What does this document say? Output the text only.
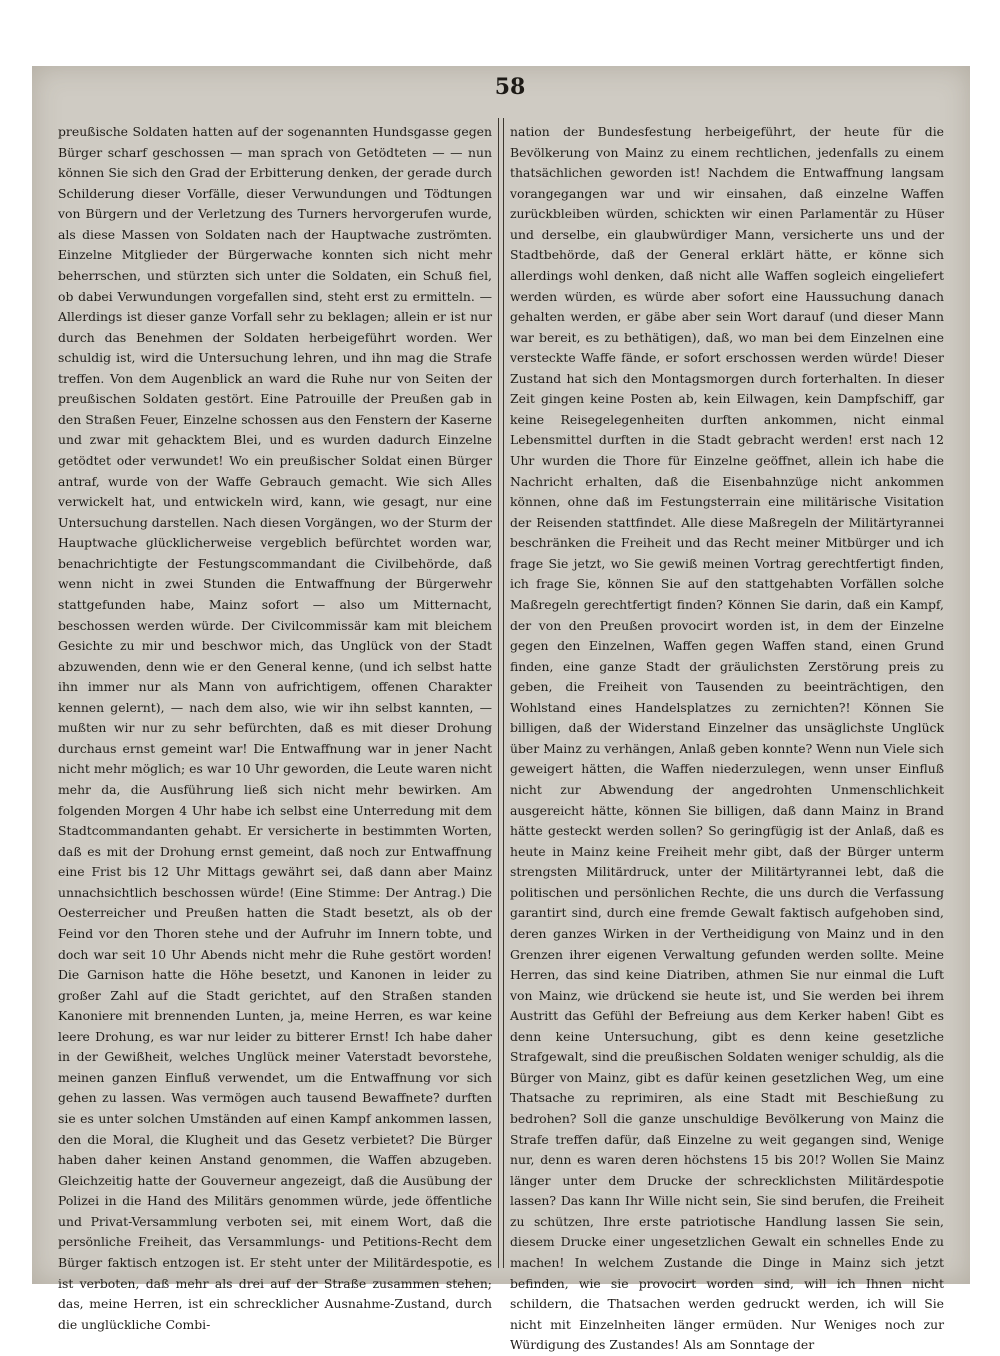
58

preußische Soldaten hatten auf der sogenannten Hundsgasse gegen Bürger scharf geschossen — man sprach von Getödteten — — nun können Sie sich den Grad der Erbitterung denken, der gerade durch Schilderung dieser Vorfälle, dieser Verwundungen und Tödtungen von Bürgern und der Verletzung des Turners hervorgerufen wurde, als diese Massen von Soldaten nach der Hauptwache zuströmten. Einzelne Mitglieder der Bürgerwache konnten sich nicht mehr beherrschen, und stürzten sich unter die Soldaten, ein Schuß fiel, ob dabei Verwundungen vorgefallen sind, steht erst zu ermitteln. — Allerdings ist dieser ganze Vorfall sehr zu beklagen; allein er ist nur durch das Benehmen der Soldaten herbeigeführt worden. Wer schuldig ist, wird die Untersuchung lehren, und ihn mag die Strafe treffen. Von dem Augenblick an ward die Ruhe nur von Seiten der preußischen Soldaten gestört. Eine Patrouille der Preußen gab in den Straßen Feuer, Einzelne schossen aus den Fenstern der Kaserne und zwar mit gehacktem Blei, und es wurden dadurch Einzelne getödtet oder verwundet! Wo ein preußischer Soldat einen Bürger antraf, wurde von der Waffe Gebrauch gemacht. Wie sich Alles verwickelt hat, und entwickeln wird, kann, wie gesagt, nur eine Untersuchung darstellen. Nach diesen Vorgängen, wo der Sturm der Hauptwache glücklicherweise vergeblich befürchtet worden war, benachrichtigte der Festungscommandant die Civilbehörde, daß wenn nicht in zwei Stunden die Entwaffnung der Bürgerwehr stattgefunden habe, Mainz sofort — also um Mitternacht, beschossen werden würde. Der Civilcommissär kam mit bleichem Gesichte zu mir und beschwor mich, das Unglück von der Stadt abzuwenden, denn wie er den General kenne, (und ich selbst hatte ihn immer nur als Mann von aufrichtigem, offenen Charakter kennen gelernt), — nach dem also, wie wir ihn selbst kannten, — mußten wir nur zu sehr befürchten, daß es mit dieser Drohung durchaus ernst gemeint war! Die Entwaffnung war in jener Nacht nicht mehr möglich; es war 10 Uhr geworden, die Leute waren nicht mehr da, die Ausführung ließ sich nicht mehr bewirken. Am folgenden Morgen 4 Uhr habe ich selbst eine Unterredung mit dem Stadtcommandanten gehabt. Er versicherte in bestimmten Worten, daß es mit der Drohung ernst gemeint, daß noch zur Entwaffnung eine Frist bis 12 Uhr Mittags gewährt sei, daß dann aber Mainz unnachsichtlich beschossen würde! (Eine Stimme: Der Antrag.) Die Oesterreicher und Preußen hatten die Stadt besetzt, als ob der Feind vor den Thoren stehe und der Aufruhr im Innern tobte, und doch war seit 10 Uhr Abends nicht mehr die Ruhe gestört worden! Die Garnison hatte die Höhe besetzt, und Kanonen in leider zu großer Zahl auf die Stadt gerichtet, auf den Straßen standen Kanoniere mit brennenden Lunten, ja, meine Herren, es war keine leere Drohung, es war nur leider zu bitterer Ernst! Ich habe daher in der Gewißheit, welches Unglück meiner Vaterstadt bevorstehe, meinen ganzen Einfluß verwendet, um die Entwaffnung vor sich gehen zu lassen. Was vermögen auch tausend Bewaffnete? durften sie es unter solchen Umständen auf einen Kampf ankommen lassen, den die Moral, die Klugheit und das Gesetz verbietet? Die Bürger haben daher keinen Anstand genommen, die Waffen abzugeben. Gleichzeitig hatte der Gouverneur angezeigt, daß die Ausübung der Polizei in die Hand des Militärs genommen würde, jede öffentliche und Privat-Versammlung verboten sei, mit einem Wort, daß die persönliche Freiheit, das Versammlungs- und Petitions-Recht dem Bürger faktisch entzogen ist. Er steht unter der Militärdespotie, es ist verboten, daß mehr als drei auf der Straße zusammen stehen; das, meine Herren, ist ein schrecklicher Ausnahme-Zustand, durch die unglückliche Combi-

nation der Bundesfestung herbeigeführt, der heute für die Bevölkerung von Mainz zu einem rechtlichen, jedenfalls zu einem thatsächlichen geworden ist! Nachdem die Entwaffnung langsam vorangegangen war und wir einsahen, daß einzelne Waffen zurückbleiben würden, schickten wir einen Parlamentär zu Hüser und derselbe, ein glaubwürdiger Mann, versicherte uns und der Stadtbehörde, daß der General erklärt hätte, er könne sich allerdings wohl denken, daß nicht alle Waffen sogleich eingeliefert werden würden, es würde aber sofort eine Haussuchung danach gehalten werden, er gäbe aber sein Wort darauf (und dieser Mann war bereit, es zu bethätigen), daß, wo man bei dem Einzelnen eine versteckte Waffe fände, er sofort erschossen werden würde! Dieser Zustand hat sich den Montagsmorgen durch forterhalten. In dieser Zeit gingen keine Posten ab, kein Eilwagen, kein Dampfschiff, gar keine Reisegelegenheiten durften ankommen, nicht einmal Lebensmittel durften in die Stadt gebracht werden! erst nach 12 Uhr wurden die Thore für Einzelne geöffnet, allein ich habe die Nachricht erhalten, daß die Eisenbahnzüge nicht ankommen können, ohne daß im Festungsterrain eine militärische Visitation der Reisenden stattfindet. Alle diese Maßregeln der Militärtyrannei beschränken die Freiheit und das Recht meiner Mitbürger und ich frage Sie jetzt, wo Sie gewiß meinen Vortrag gerechtfertigt finden, ich frage Sie, können Sie auf den stattgehabten Vorfällen solche Maßregeln gerechtfertigt finden? Können Sie darin, daß ein Kampf, der von den Preußen provocirt worden ist, in dem der Einzelne gegen den Einzelnen, Waffen gegen Waffen stand, einen Grund finden, eine ganze Stadt der gräulichsten Zerstörung preis zu geben, die Freiheit von Tausenden zu beeinträchtigen, den Wohlstand eines Handelsplatzes zu zernichten?! Können Sie billigen, daß der Widerstand Einzelner das unsäglichste Unglück über Mainz zu verhängen, Anlaß geben konnte? Wenn nun Viele sich geweigert hätten, die Waffen niederzulegen, wenn unser Einfluß nicht zur Abwendung der angedrohten Unmenschlichkeit ausgereicht hätte, können Sie billigen, daß dann Mainz in Brand hätte gesteckt werden sollen? So geringfügig ist der Anlaß, daß es heute in Mainz keine Freiheit mehr gibt, daß der Bürger unterm strengsten Militärdruck, unter der Militärtyrannei lebt, daß die politischen und persönlichen Rechte, die uns durch die Verfassung garantirt sind, durch eine fremde Gewalt faktisch aufgehoben sind, deren ganzes Wirken in der Vertheidigung von Mainz und in den Grenzen ihrer eigenen Verwaltung gefunden werden sollte. Meine Herren, das sind keine Diatriben, athmen Sie nur einmal die Luft von Mainz, wie drückend sie heute ist, und Sie werden bei ihrem Austritt das Gefühl der Befreiung aus dem Kerker haben! Gibt es denn keine Untersuchung, gibt es denn keine gesetzliche Strafgewalt, sind die preußischen Soldaten weniger schuldig, als die Bürger von Mainz, gibt es dafür keinen gesetzlichen Weg, um eine Thatsache zu reprimiren, als eine Stadt mit Beschießung zu bedrohen? Soll die ganze unschuldige Bevölkerung von Mainz die Strafe treffen dafür, daß Einzelne zu weit gegangen sind, Wenige nur, denn es waren deren höchstens 15 bis 20!? Wollen Sie Mainz länger unter dem Drucke der schrecklichsten Militärdespotie lassen? Das kann Ihr Wille nicht sein, Sie sind berufen, die Freiheit zu schützen, Ihre erste patriotische Handlung lassen Sie sein, diesem Drucke einer ungesetzlichen Gewalt ein schnelles Ende zu machen! In welchem Zustande die Dinge in Mainz sich jetzt befinden, wie sie provocirt worden sind, will ich Ihnen nicht schildern, die Thatsachen werden gedruckt werden, ich will Sie nicht mit Einzelnheiten länger ermüden. Nur Weniges noch zur Würdigung des Zustandes! Als am Sonntage der
